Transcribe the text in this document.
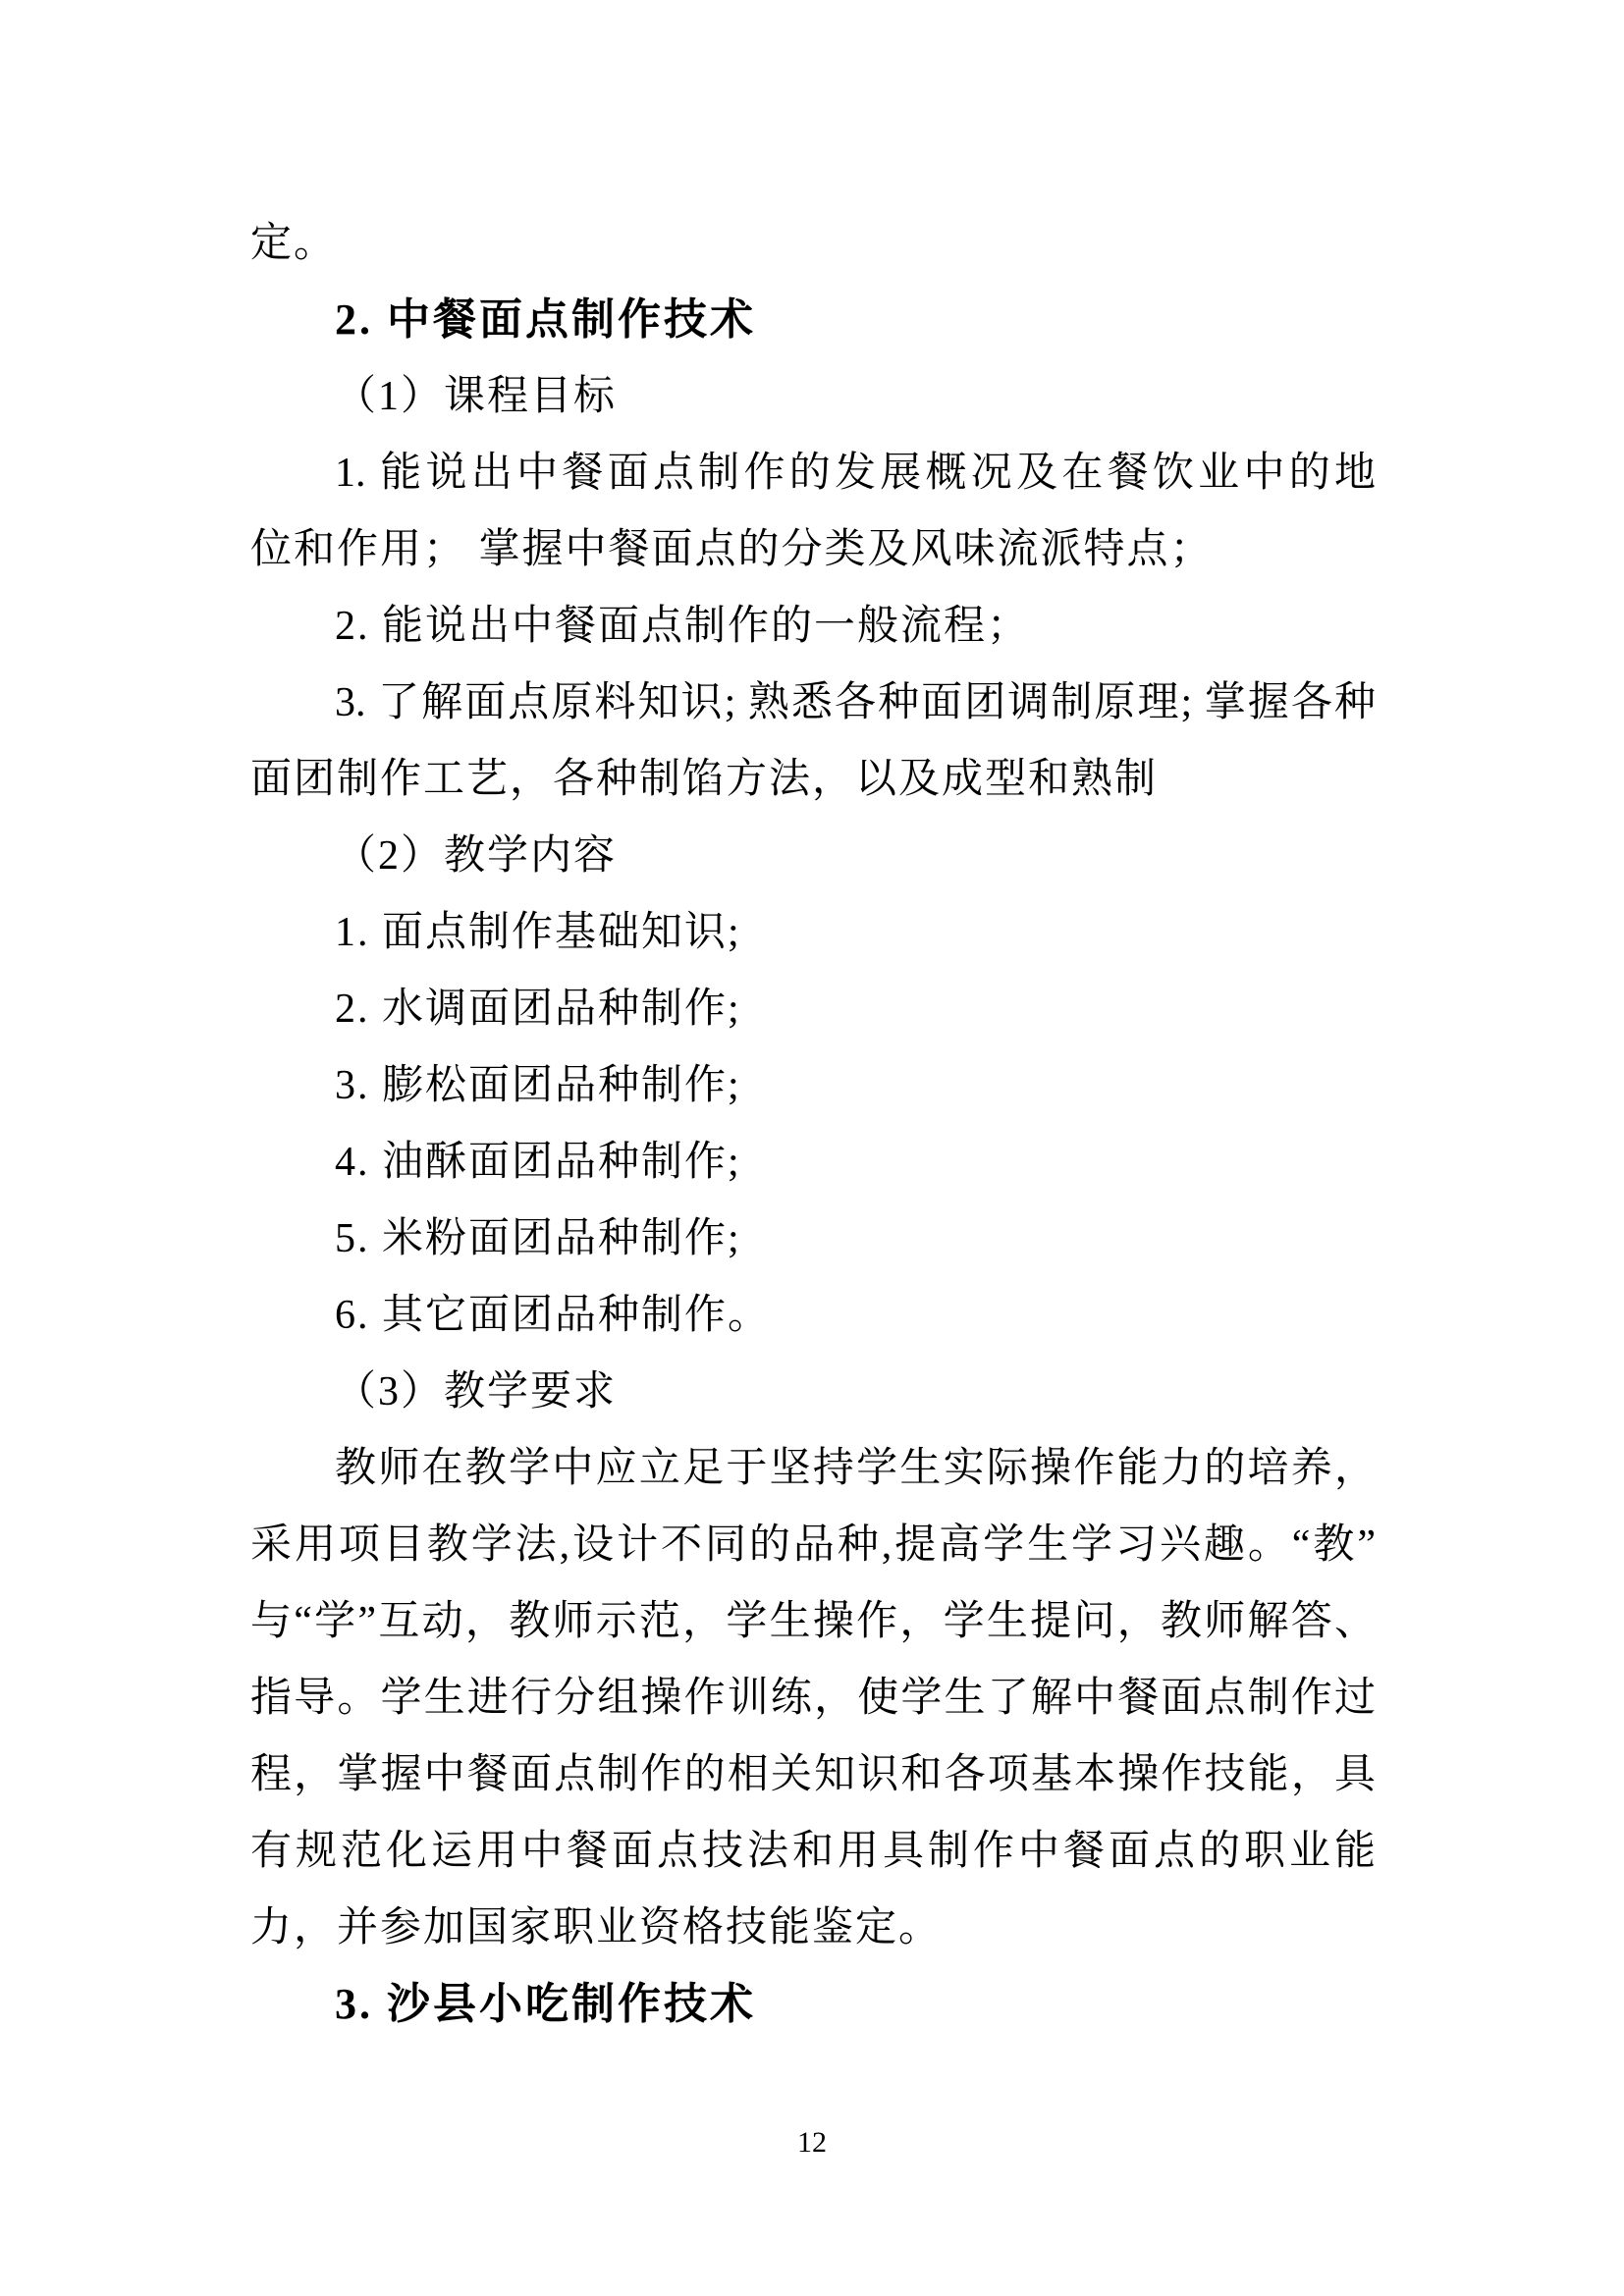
定。
2. 中餐面点制作技术
（1）课程目标
1. 能说出中餐面点制作的发展概况及在餐饮业中的地
位和作用； 掌握中餐面点的分类及风味流派特点；
2. 能说出中餐面点制作的一般流程；
3. 了解面点原料知识; 熟悉各种面团调制原理; 掌握各种
面团制作工艺，各种制馅方法，以及成型和熟制
（2）教学内容
1. 面点制作基础知识;
2. 水调面团品种制作;
3. 膨松面团品种制作;
4. 油酥面团品种制作;
5. 米粉面团品种制作;
6. 其它面团品种制作。
（3）教学要求
教师在教学中应立足于坚持学生实际操作能力的培养，
采用项目教学法,设计不同的品种,提高学生学习兴趣。“教”
与“学”互动，教师示范，学生操作，学生提问，教师解答、
指导。学生进行分组操作训练，使学生了解中餐面点制作过
程，掌握中餐面点制作的相关知识和各项基本操作技能，具
有规范化运用中餐面点技法和用具制作中餐面点的职业能
力，并参加国家职业资格技能鉴定。
3. 沙县小吃制作技术
12
